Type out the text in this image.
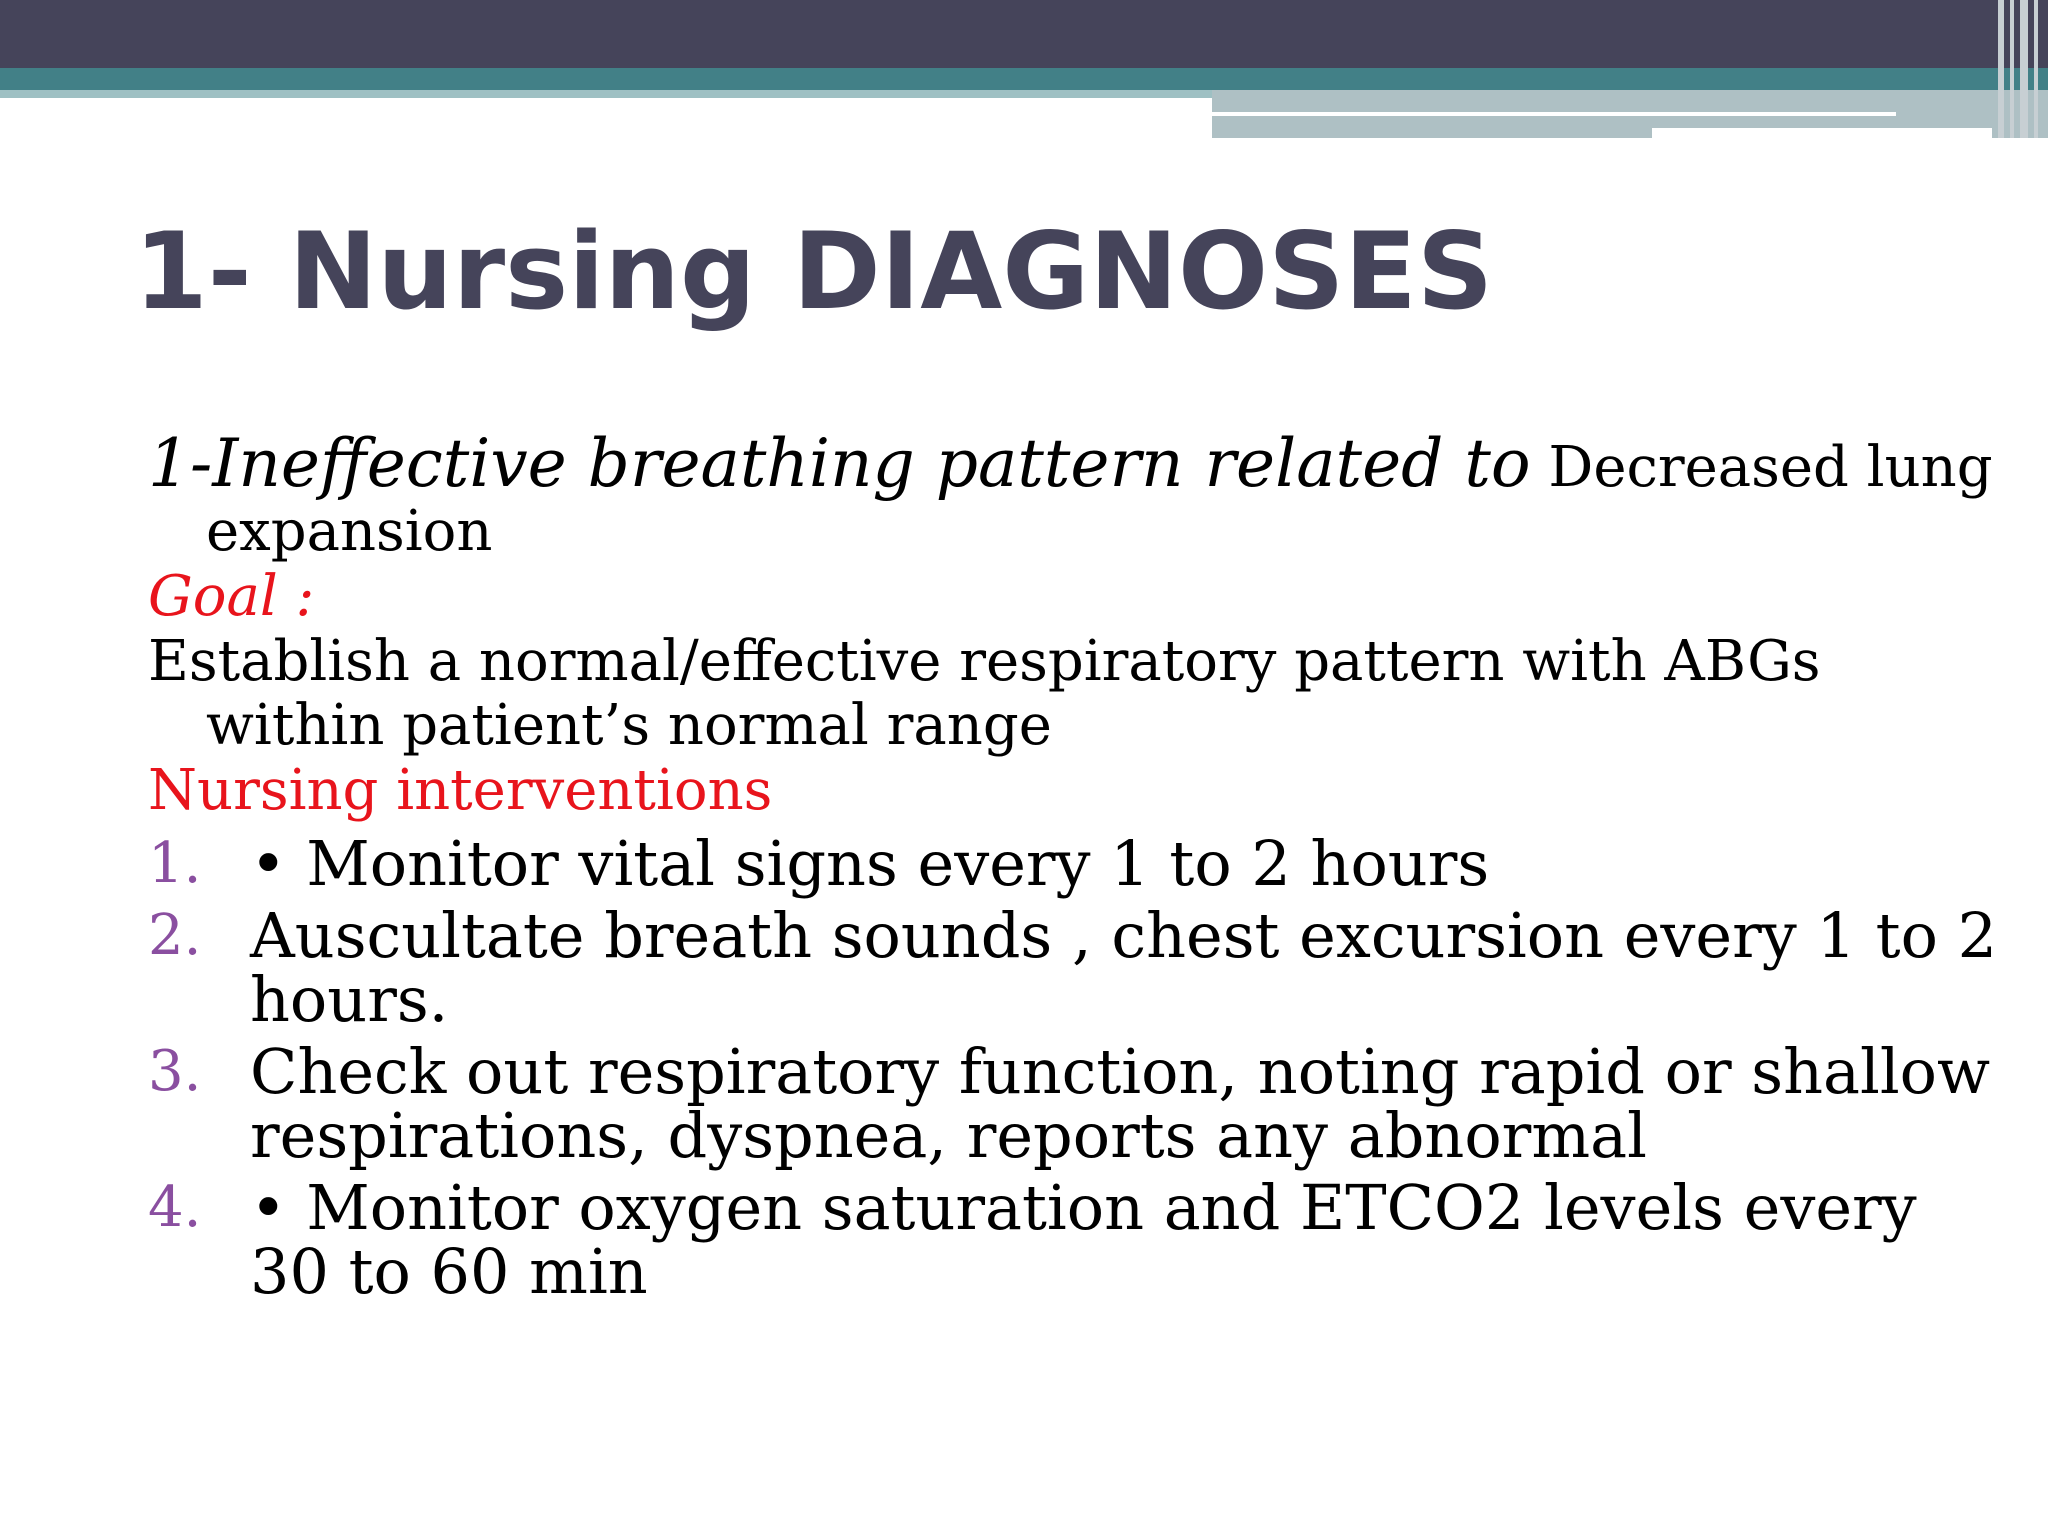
1- Nursing DIAGNOSES

1-Ineffective breathing pattern related to Decreased lung expansion

Goal :

Establish a normal/effective respiratory pattern with ABGs within patient’s normal range

Nursing interventions

1. • Monitor vital signs every 1 to 2 hours
2. Auscultate breath sounds , chest excursion every 1 to 2 hours.
3. Check out respiratory function, noting rapid or shallow respirations, dyspnea, reports any abnormal
4. • Monitor oxygen saturation and ETCO2 levels every 30 to 60 min
